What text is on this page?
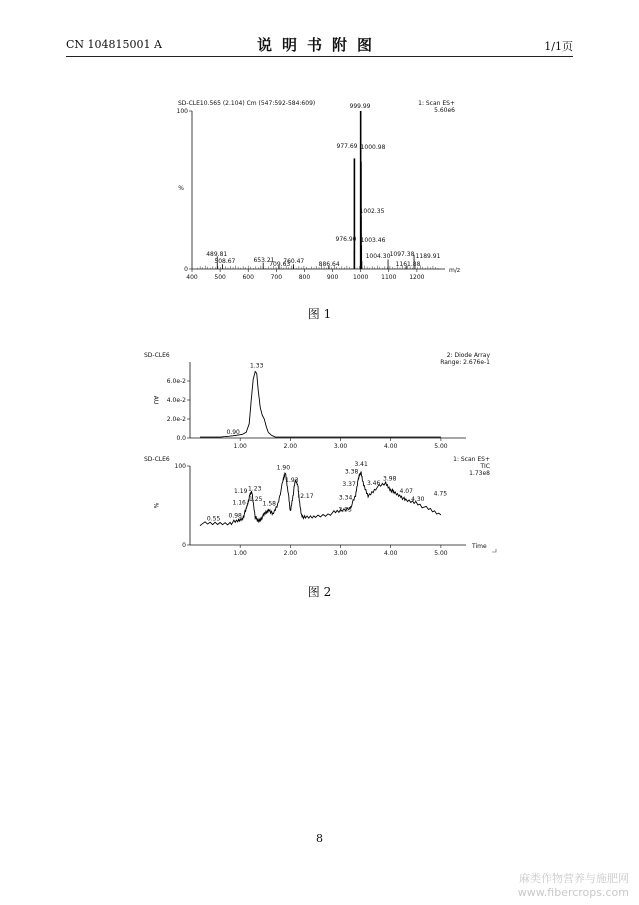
CN 104815001 A	说明书附图	1/1页
SD-CLE10.565 (2.104) Cm (547:592-584:609)	1: Scan ES+
5.60e6
0
100
%
400	500	600	700	800	900 1000 1100 1200
m/z
489.81
508.67	653.21
709.63
760.47 886.64
976.90
977.69
999.99
1000.98
1002.35
1003.46
1004.30 1097.38
1161.88
1189.91
SD-CLE6	2: Diode Array
Range: 2.676e-1
0.0
2.0e-2
4.0e-2
6.0e-2
AU
1.00	2.00	3.00	4.00	5.00
1.33
0.90
SD-CLE6	1: Scan ES+
TIC
1.73e8
0
100
%
1.00	2.00	3.00	4.00	5.00
Time
0.55 0.98
1.16
1.19 1.23
1.25
1.58
1.90
1.93
2.17
3.33
3.34
3.37
3.38
3.41
3.46
3.98
4.07
4.30
4.75
图 1
图 2
8
麻类作物营养与施肥网
www.fibercrops.com
